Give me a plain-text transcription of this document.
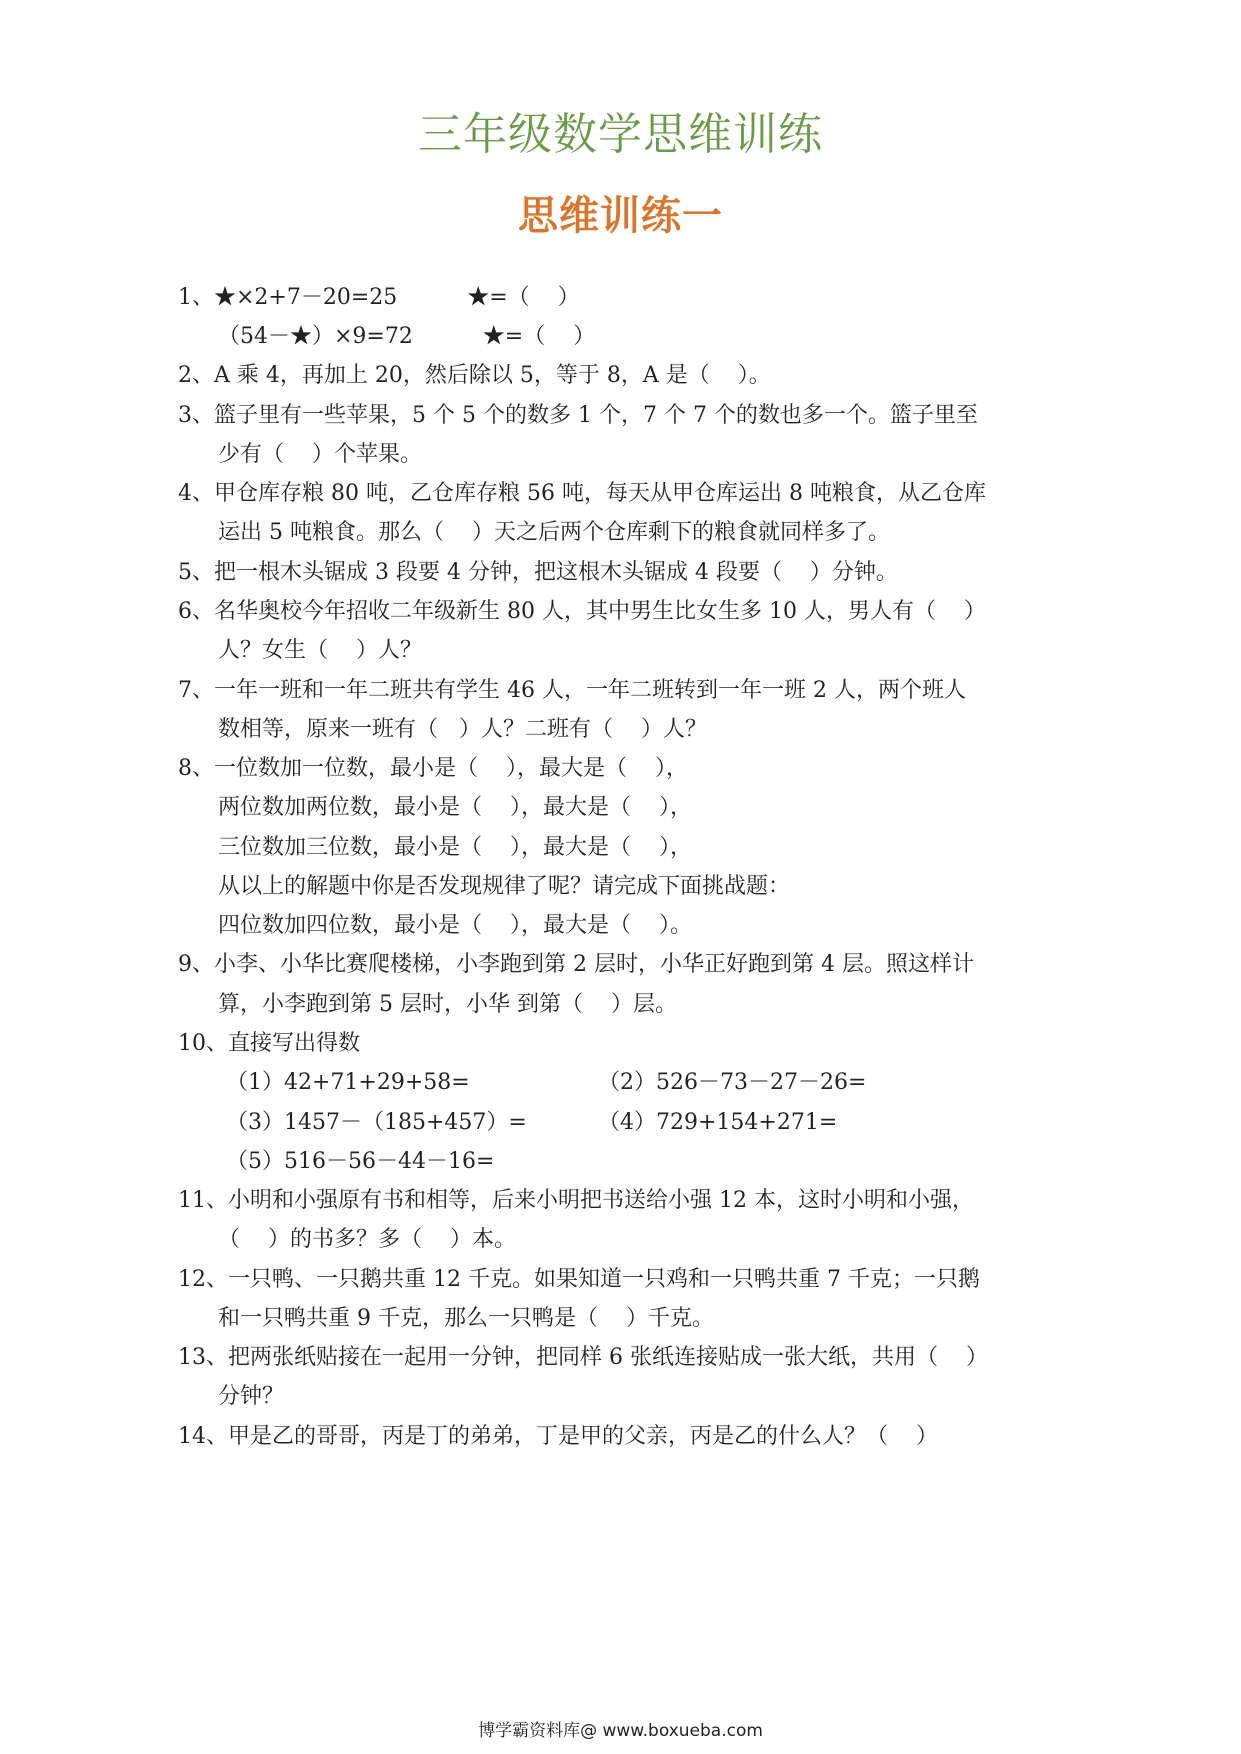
三年级数学思维训练
思维训练一
1、★×2+7－20=25          ★=（    ）
（54－★）×9=72          ★=（    ）
2、A 乘 4，再加上 20，然后除以 5，等于 8，A 是（    ）。
3、篮子里有一些苹果，5 个 5 个的数多 1 个，7 个 7 个的数也多一个。篮子里至
少有（    ）个苹果。
4、甲仓库存粮 80 吨，乙仓库存粮 56 吨，每天从甲仓库运出 8 吨粮食，从乙仓库
运出 5 吨粮食。那么（    ）天之后两个仓库剩下的粮食就同样多了。
5、把一根木头锯成 3 段要 4 分钟，把这根木头锯成 4 段要（    ）分钟。
6、名华奥校今年招收二年级新生 80 人，其中男生比女生多 10 人，男人有（    ）
人？女生（    ）人？
7、一年一班和一年二班共有学生 46 人，一年二班转到一年一班 2 人，两个班人
数相等，原来一班有（   ）人？二班有（    ）人？
8、一位数加一位数，最小是（    ），最大是（    ），
两位数加两位数，最小是（    ），最大是（    ），
三位数加三位数，最小是（    ），最大是（    ），
从以上的解题中你是否发现规律了呢？请完成下面挑战题：
四位数加四位数，最小是（    ），最大是（    ）。
9、小李、小华比赛爬楼梯，小李跑到第 2 层时，小华正好跑到第 4 层。照这样计
算，小李跑到第 5 层时，小华 到第（    ）层。
10、直接写出得数
（1）42+71+29+58=	（2）526－73－27－26=
（3）1457－（185+457）=	（4）729+154+271=
（5）516－56－44－16=
11、小明和小强原有书和相等，后来小明把书送给小强 12 本，这时小明和小强，
（    ）的书多？多（    ）本。
12、一只鸭、一只鹅共重 12 千克。如果知道一只鸡和一只鸭共重 7 千克；一只鹅
和一只鸭共重 9 千克，那么一只鸭是（    ）千克。
13、把两张纸贴接在一起用一分钟，把同样 6 张纸连接贴成一张大纸，共用（    ）
分钟？
14、甲是乙的哥哥，丙是丁的弟弟，丁是甲的父亲，丙是乙的什么人？（    ）
博学霸资料库@ www.boxueba.com
